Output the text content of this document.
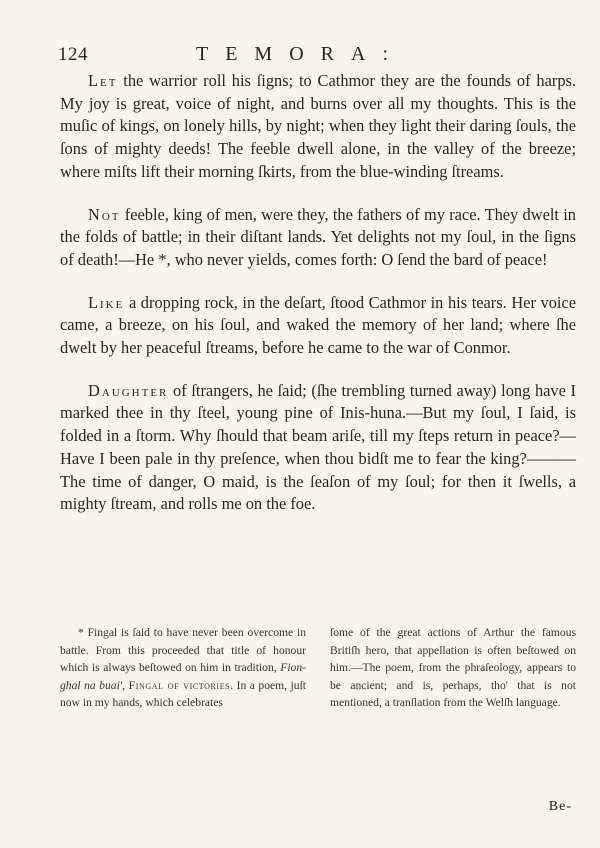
124	TEMORA:

Let the warrior roll his ſigns; to Cathmor they are the founds of harps. My joy is great, voice of night, and burns over all my thoughts. This is the muſic of kings, on lonely hills, by night; when they light their daring ſouls, the ſons of mighty deeds! The feeble dwell alone, in the valley of the breeze; where miſts lift their morning ſkirts, from the blue-winding ſtreams.

Not feeble, king of men, were they, the fathers of my race. They dwelt in the folds of battle; in their diſtant lands. Yet delights not my ſoul, in the ſigns of death!—He *, who never yields, comes forth: O ſend the bard of peace!

Like a dropping rock, in the deſart, ſtood Cathmor in his tears. Her voice came, a breeze, on his ſoul, and waked the memory of her land; where ſhe dwelt by her peaceful ſtreams, before he came to the war of Conmor.

Daughter of ſtrangers, he ſaid; (ſhe trembling turned away) long have I marked thee in thy ſteel, young pine of Inis-huna.—But my ſoul, I ſaid, is folded in a ſtorm. Why ſhould that beam ariſe, till my ſteps return in peace?—Have I been pale in thy preſence, when thou bidſt me to fear the king?———The time of danger, O maid, is the ſeaſon of my ſoul; for then it ſwells, a mighty ſtream, and rolls me on the foe.

* Fingal is ſaid to have never been overcome in battle. From this proceeded that title of honour which is always beſtowed on him in tradition, Fion-ghal na buai', Fingal of victories. In a poem, juſt now in my hands, which celebrates
ſome of the great actions of Arthur the famous Britiſh hero, that appellation is often beſtowed on him.—The poem, from the phraſeology, appears to be ancient; and is, perhaps, tho' that is not mentioned, a tranſlation from the Welſh language.
Be-
